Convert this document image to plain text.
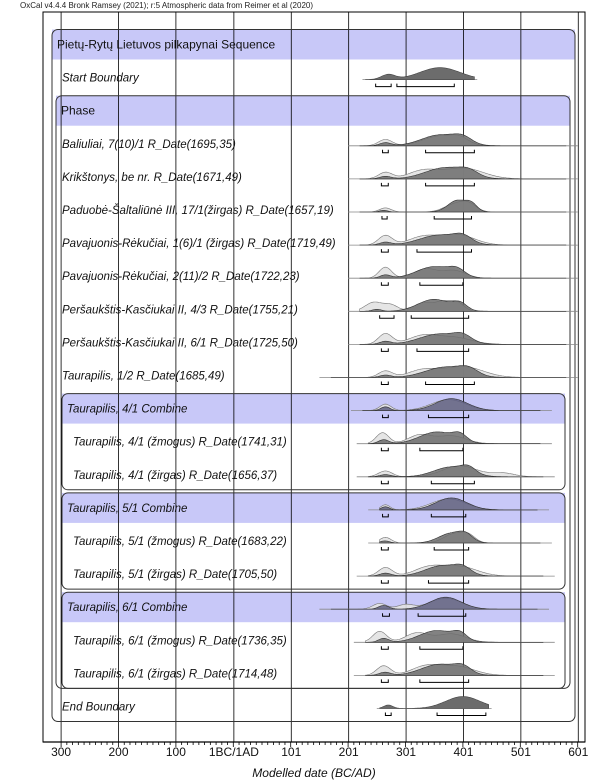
OxCal v4.4.4 Bronk Ramsey (2021); r:5 Atmospheric data from Reimer et al (2020)
Pietų-Rytų Lietuvos pilkapynai Sequence
Start Boundary
Phase
Baliuliai, 7(10)/1 R_Date(1695,35)
Krikštonys, be nr. R_Date(1671,49)
Paduobė-Šaltaliūnė III, 17/1(žirgas) R_Date(1657,19)
Pavajuonis-Rėkučiai, 1(6)/1 (žirgas) R_Date(1719,49)
Pavajuonis-Rėkučiai, 2(11)/2 R_Date(1722,23)
Peršaukštis-Kasčiukai II, 4/3 R_Date(1755,21)
Peršaukštis-Kasčiukai II, 6/1 R_Date(1725,50)
Taurapilis, 1/2 R_Date(1685,49)
Taurapilis, 4/1 Combine
Taurapilis, 4/1 (žmogus) R_Date(1741,31)
Taurapilis, 4/1 (žirgas) R_Date(1656,37)
Taurapilis, 5/1 Combine
Taurapilis, 5/1 (žmogus) R_Date(1683,22)
Taurapilis, 5/1 (žirgas) R_Date(1705,50)
Taurapilis, 6/1 Combine
Taurapilis, 6/1 (žmogus) R_Date(1736,35)
Taurapilis, 6/1 (žirgas) R_Date(1714,48)
End Boundary
300	200	100 1BC/1AD 101	201	301	401	501	601
Modelled date (BC/AD)
